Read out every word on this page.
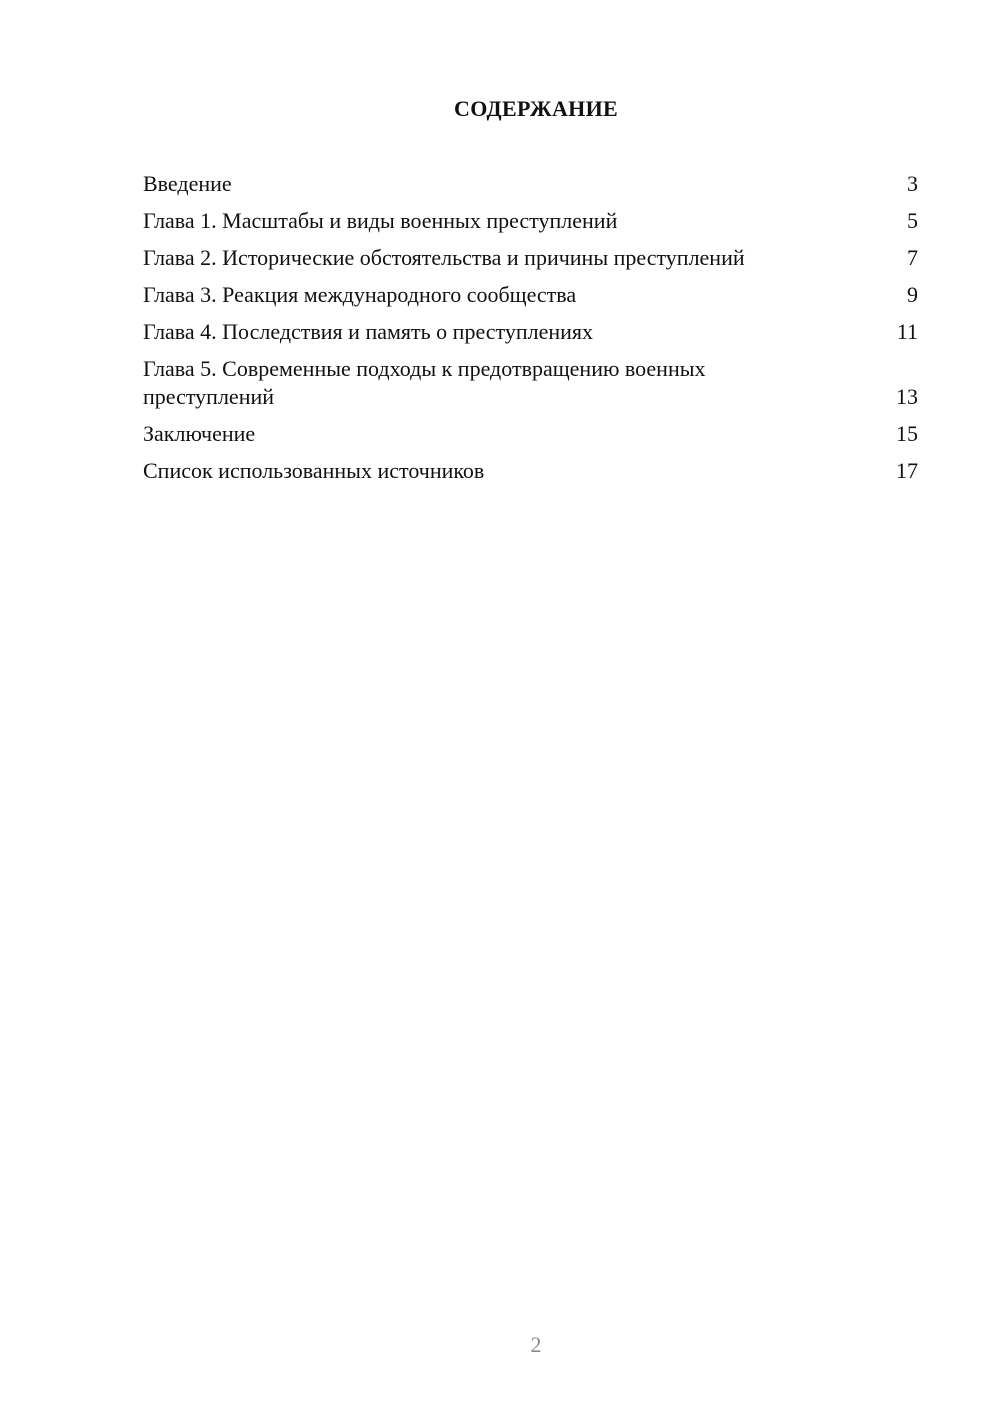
СОДЕРЖАНИЕ
Введение	3
Глава 1. Масштабы и виды военных преступлений	5
Глава 2. Исторические обстоятельства и причины преступлений	7
Глава 3. Реакция международного сообщества	9
Глава 4. Последствия и память о преступлениях	11
Глава 5. Современные подходы к предотвращению военных преступлений	13
Заключение	15
Список использованных источников	17
2
